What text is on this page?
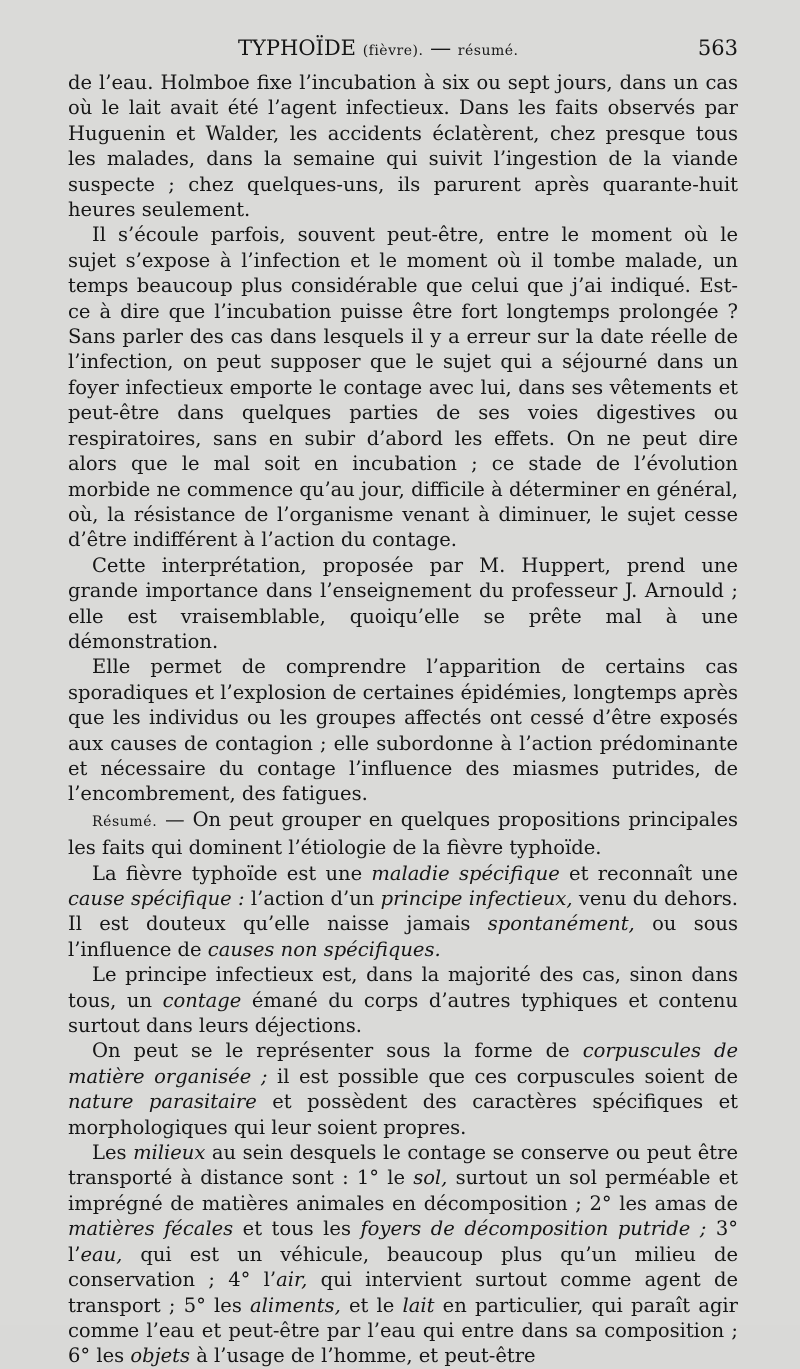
TYPHOÏDE (fièvre). — résumé.	563

de l’eau. Holmboe fixe l’incubation à six ou sept jours, dans un cas où le lait avait été l’agent infectieux. Dans les faits observés par Huguenin et Walder, les accidents éclatèrent, chez presque tous les malades, dans la semaine qui suivit l’ingestion de la viande suspecte ; chez quelques-uns, ils parurent après quarante-huit heures seulement.

Il s’écoule parfois, souvent peut-être, entre le moment où le sujet s’expose à l’infection et le moment où il tombe malade, un temps beaucoup plus considérable que celui que j’ai indiqué. Est-ce à dire que l’incubation puisse être fort longtemps prolongée ? Sans parler des cas dans lesquels il y a erreur sur la date réelle de l’infection, on peut supposer que le sujet qui a séjourné dans un foyer infectieux emporte le contage avec lui, dans ses vêtements et peut-être dans quelques parties de ses voies digestives ou respiratoires, sans en subir d’abord les effets. On ne peut dire alors que le mal soit en incubation ; ce stade de l’évolution morbide ne commence qu’au jour, difficile à déterminer en général, où, la résistance de l’organisme venant à diminuer, le sujet cesse d’être indifférent à l’action du contage.

Cette interprétation, proposée par M. Huppert, prend une grande importance dans l’enseignement du professeur J. Arnould ; elle est vraisemblable, quoiqu’elle se prête mal à une démonstration.

Elle permet de comprendre l’apparition de certains cas sporadiques et l’explosion de certaines épidémies, longtemps après que les individus ou les groupes affectés ont cessé d’être exposés aux causes de contagion ; elle subordonne à l’action prédominante et nécessaire du contage l’influence des miasmes putrides, de l’encombrement, des fatigues.

Résumé. — On peut grouper en quelques propositions principales les faits qui dominent l’étiologie de la fièvre typhoïde.

La fièvre typhoïde est une maladie spécifique et reconnaît une cause spécifique : l’action d’un principe infectieux, venu du dehors. Il est douteux qu’elle naisse jamais spontanément, ou sous l’influence de causes non spécifiques.

Le principe infectieux est, dans la majorité des cas, sinon dans tous, un contage émané du corps d’autres typhiques et contenu surtout dans leurs déjections.

On peut se le représenter sous la forme de corpuscules de matière organisée ; il est possible que ces corpuscules soient de nature parasitaire et possèdent des caractères spécifiques et morphologiques qui leur soient propres.

Les milieux au sein desquels le contage se conserve ou peut être transporté à distance sont : 1° le sol, surtout un sol perméable et imprégné de matières animales en décomposition ; 2° les amas de matières fécales et tous les foyers de décomposition putride ; 3° l’eau, qui est un véhicule, beaucoup plus qu’un milieu de conservation ; 4° l’air, qui intervient surtout comme agent de transport ; 5° les aliments, et le lait en particulier, qui paraît agir comme l’eau et peut-être par l’eau qui entre dans sa composition ; 6° les objets à l’usage de l’homme, et peut-être
